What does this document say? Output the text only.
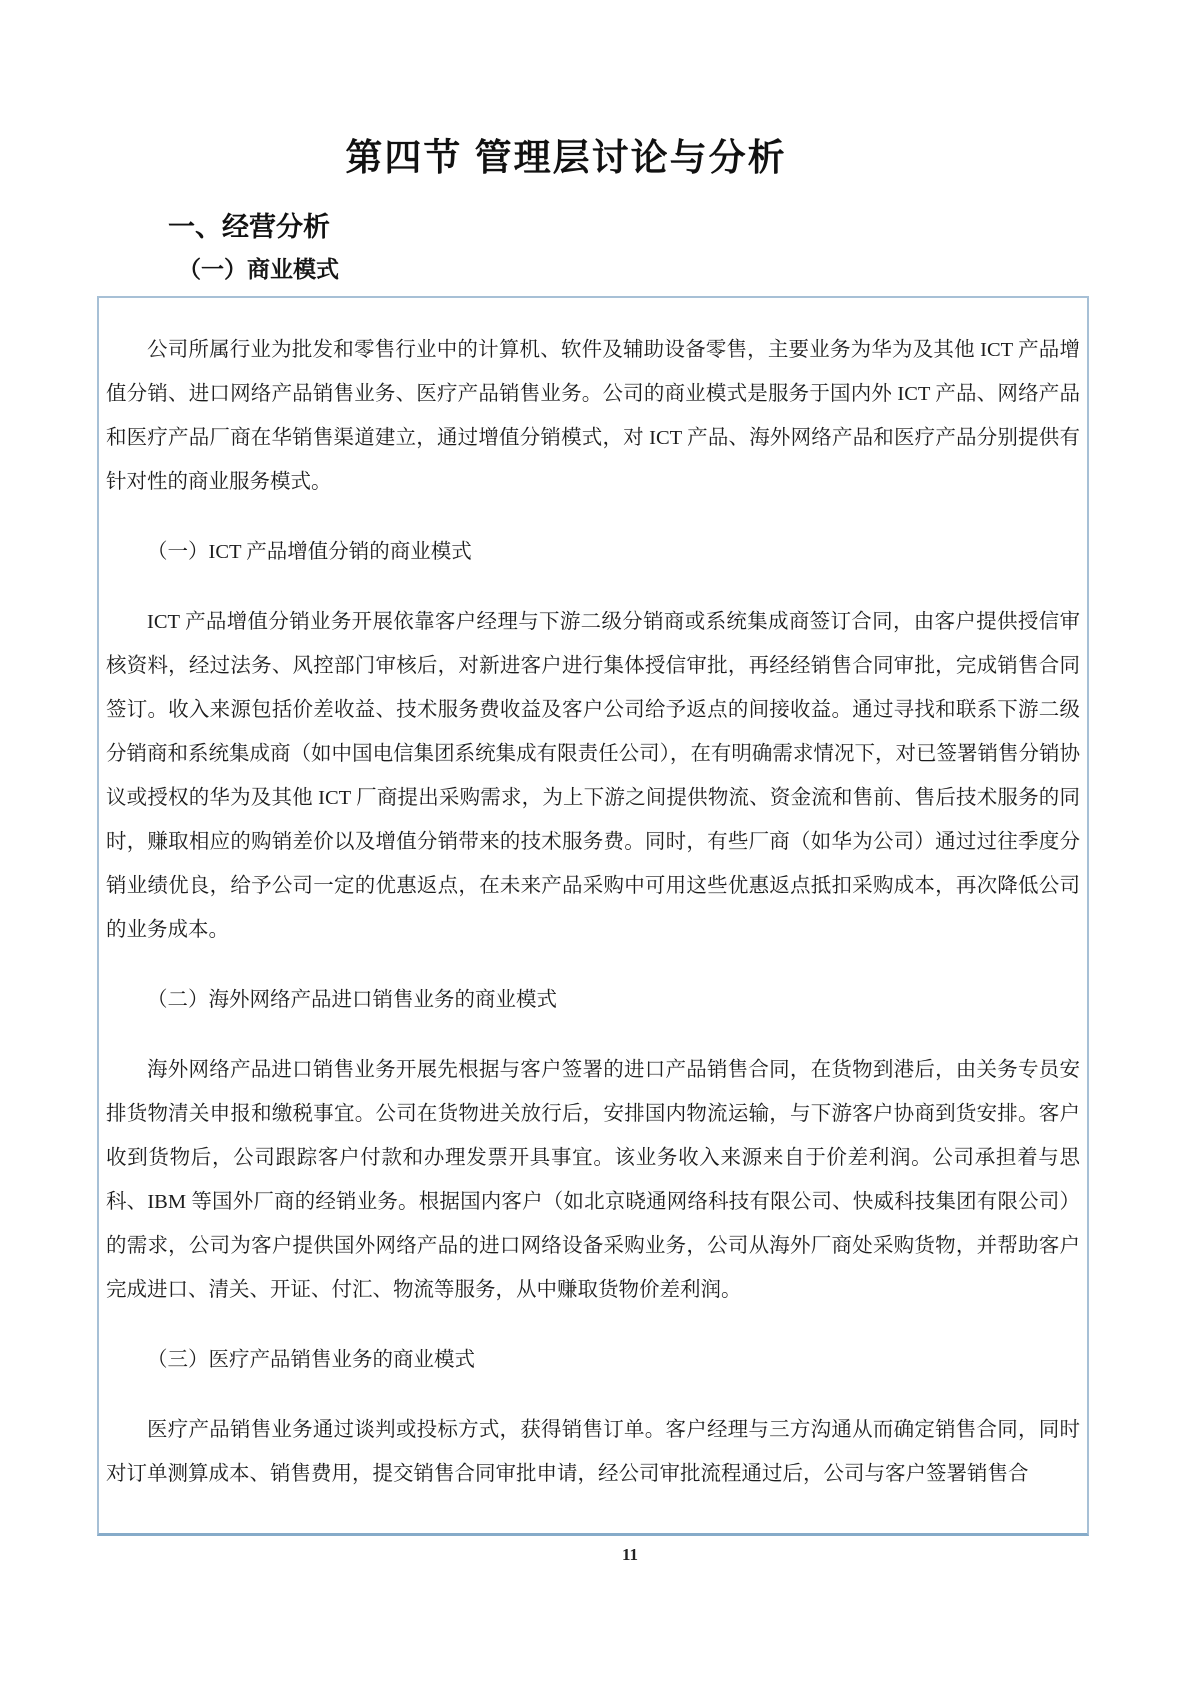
第四节 管理层讨论与分析
一、经营分析
（一）商业模式

公司所属行业为批发和零售行业中的计算机、软件及辅助设备零售，主要业务为华为及其他 ICT 产品增值分销、进口网络产品销售业务、医疗产品销售业务。公司的商业模式是服务于国内外 ICT 产品、网络产品和医疗产品厂商在华销售渠道建立，通过增值分销模式，对 ICT 产品、海外网络产品和医疗产品分别提供有针对性的商业服务模式。

（一）ICT 产品增值分销的商业模式

ICT 产品增值分销业务开展依靠客户经理与下游二级分销商或系统集成商签订合同，由客户提供授信审核资料，经过法务、风控部门审核后，对新进客户进行集体授信审批，再经经销售合同审批，完成销售合同签订。收入来源包括价差收益、技术服务费收益及客户公司给予返点的间接收益。通过寻找和联系下游二级分销商和系统集成商（如中国电信集团系统集成有限责任公司），在有明确需求情况下，对已签署销售分销协议或授权的华为及其他 ICT 厂商提出采购需求，为上下游之间提供物流、资金流和售前、售后技术服务的同时，赚取相应的购销差价以及增值分销带来的技术服务费。同时，有些厂商（如华为公司）通过过往季度分销业绩优良，给予公司一定的优惠返点，在未来产品采购中可用这些优惠返点抵扣采购成本，再次降低公司的业务成本。

（二）海外网络产品进口销售业务的商业模式

海外网络产品进口销售业务开展先根据与客户签署的进口产品销售合同，在货物到港后，由关务专员安排货物清关申报和缴税事宜。公司在货物进关放行后，安排国内物流运输，与下游客户协商到货安排。客户收到货物后，公司跟踪客户付款和办理发票开具事宜。该业务收入来源来自于价差利润。公司承担着与思科、IBM 等国外厂商的经销业务。根据国内客户（如北京晓通网络科技有限公司、快威科技集团有限公司）的需求，公司为客户提供国外网络产品的进口网络设备采购业务，公司从海外厂商处采购货物，并帮助客户完成进口、清关、开证、付汇、物流等服务，从中赚取货物价差利润。

（三）医疗产品销售业务的商业模式

医疗产品销售业务通过谈判或投标方式，获得销售订单。客户经理与三方沟通从而确定销售合同，同时对订单测算成本、销售费用，提交销售合同审批申请，经公司审批流程通过后，公司与客户签署销售合

11
